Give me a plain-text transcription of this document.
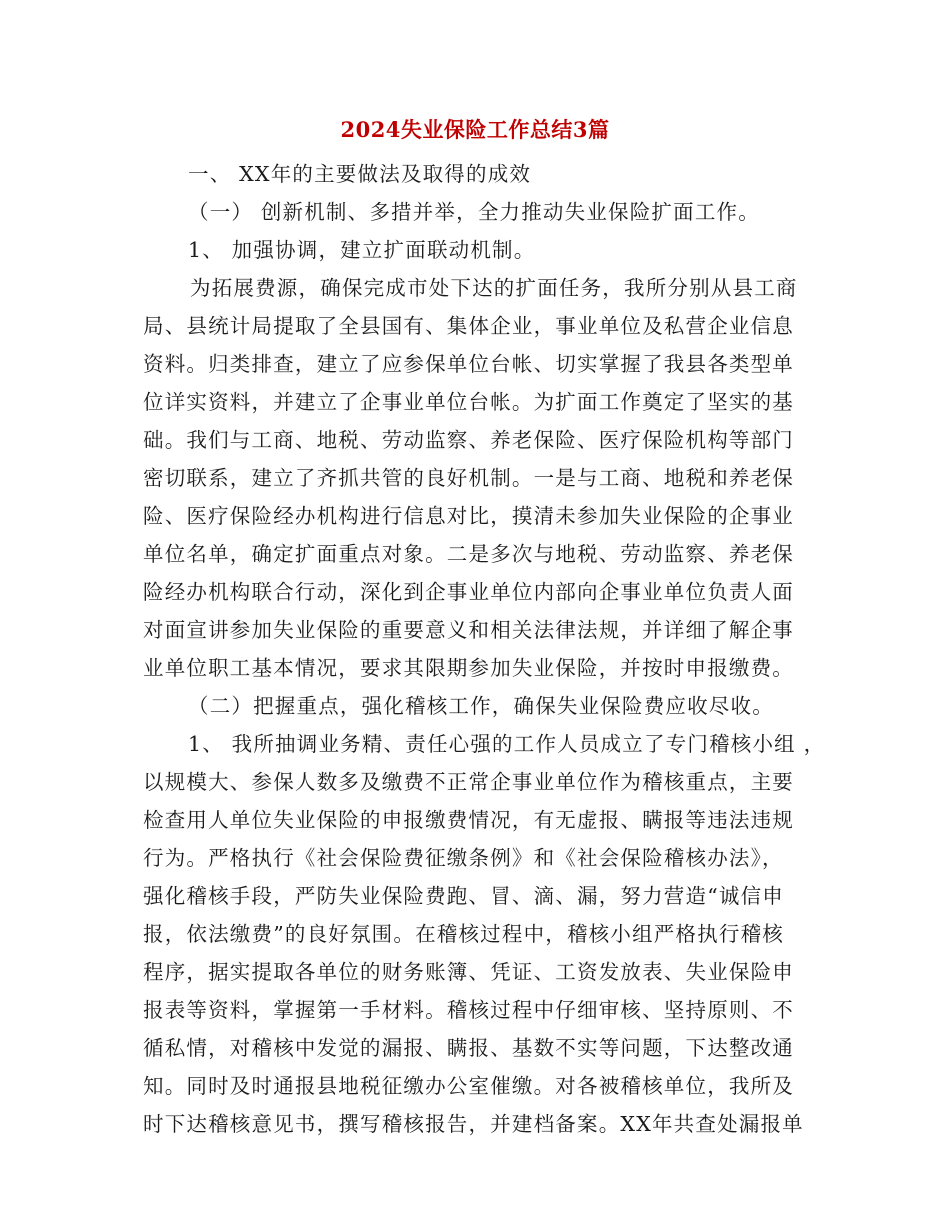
2024失业保险工作总结3篇

一、 XX年的主要做法及取得的成效

（一） 创新机制、多措并举，全力推动失业保险扩面工作。

1、 加强协调，建立扩面联动机制。

为拓展费源，确保完成市处下达的扩面任务，我所分别从县工商

局、县统计局提取了全县国有、集体企业，事业单位及私营企业信息

资料。归类排查，建立了应参保单位台帐、切实掌握了我县各类型单

位详实资料，并建立了企事业单位台帐。为扩面工作奠定了坚实的基

础。我们与工商、地税、劳动监察、养老保险、医疗保险机构等部门

密切联系，建立了齐抓共管的良好机制。一是与工商、地税和养老保

险、医疗保险经办机构进行信息对比，摸清未参加失业保险的企事业

单位名单，确定扩面重点对象。二是多次与地税、劳动监察、养老保

险经办机构联合行动，深化到企事业单位内部向企事业单位负责人面

对面宣讲参加失业保险的重要意义和相关法律法规，并详细了解企事

业单位职工基本情况，要求其限期参加失业保险，并按时申报缴费。

（二）把握重点，强化稽核工作，确保失业保险费应收尽收。

1、 我所抽调业务精、责任心强的工作人员成立了专门稽核小组 ，

以规模大、参保人数多及缴费不正常企事业单位作为稽核重点，主要

检查用人单位失业保险的申报缴费情况，有无虚报、瞒报等违法违规

行为。严格执行《社会保险费征缴条例》和《社会保险稽核办法》，

强化稽核手段，严防失业保险费跑、冒、滴、漏，努力营造“诚信申

报，依法缴费”的良好氛围。在稽核过程中，稽核小组严格执行稽核

程序，据实提取各单位的财务账簿、凭证、工资发放表、失业保险申

报表等资料，掌握第一手材料。稽核过程中仔细审核、坚持原则、不

循私情，对稽核中发觉的漏报、瞒报、基数不实等问题，下达整改通

知。同时及时通报县地税征缴办公室催缴。对各被稽核单位，我所及

时下达稽核意见书，撰写稽核报告，并建档备案。XX年共查处漏报单
